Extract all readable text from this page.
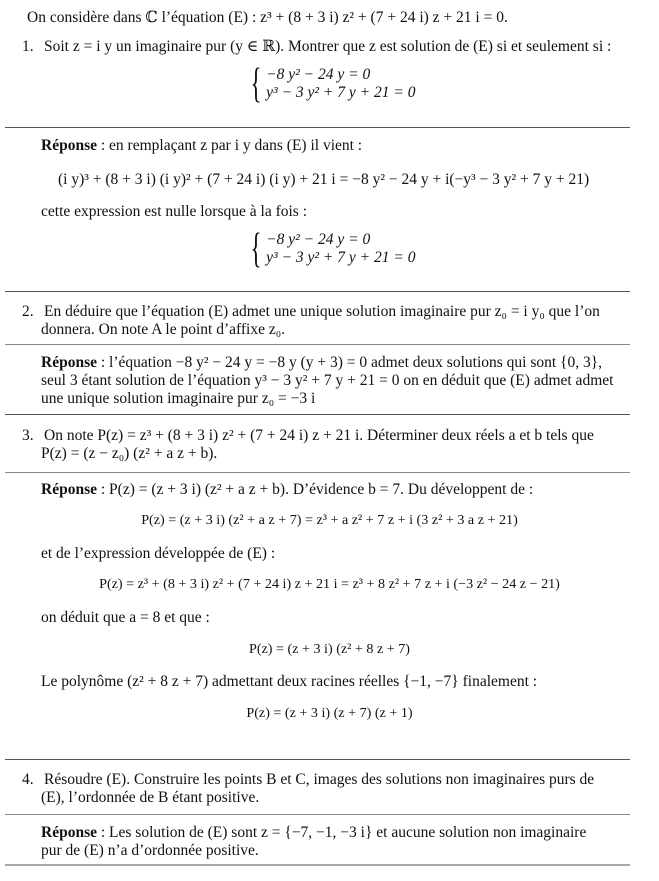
On considère dans ℂ l’équation (E) : z³ + (8 + 3 i) z² + (7 + 24 i) z + 21 i = 0.
1. Soit z = i y un imaginaire pur (y ∈ ℝ). Montrer que z est solution de (E) si et seulement si :
{ −8 y² − 24 y = 0
y³ − 3 y² + 7 y + 21 = 0
Réponse : en remplaçant z par i y dans (E) il vient :
(i y)³ + (8 + 3 i) (i y)² + (7 + 24 i) (i y) + 21 i = −8 y² − 24 y + i(−y³ − 3 y² + 7 y + 21)
cette expression est nulle lorsque à la fois :
{ −8 y² − 24 y = 0
y³ − 3 y² + 7 y + 21 = 0
2. En déduire que l’équation (E) admet une unique solution imaginaire pur z₀ = i y₀ que l’on
donnera. On note A le point d’affixe z₀.
Réponse : l’équation −8 y² − 24 y = −8 y (y + 3) = 0 admet deux solutions qui sont {0, 3},
seul 3 étant solution de l’équation y³ − 3 y² + 7 y + 21 = 0 on en déduit que (E) admet admet
une unique solution imaginaire pur z₀ = −3 i
3. On note P(z) = z³ + (8 + 3 i) z² + (7 + 24 i) z + 21 i. Déterminer deux réels a et b tels que
P(z) = (z − z₀) (z² + a z + b).
Réponse : P(z) = (z + 3 i) (z² + a z + b). D’évidence b = 7. Du développent de :
P(z) = (z + 3 i) (z² + a z + 7) = z³ + a z² + 7 z + i (3 z² + 3 a z + 21)
et de l’expression développée de (E) :
P(z) = z³ + (8 + 3 i) z² + (7 + 24 i) z + 21 i = z³ + 8 z² + 7 z + i (−3 z² − 24 z − 21)
on déduit que a = 8 et que :
P(z) = (z + 3 i) (z² + 8 z + 7)
Le polynôme (z² + 8 z + 7) admettant deux racines réelles {−1, −7} finalement :
P(z) = (z + 3 i) (z + 7) (z + 1)
4. Résoudre (E). Construire les points B et C, images des solutions non imaginaires purs de
(E), l’ordonnée de B étant positive.
Réponse : Les solution de (E) sont z = {−7, −1, −3 i} et aucune solution non imaginaire
pur de (E) n’a d’ordonnée positive.
